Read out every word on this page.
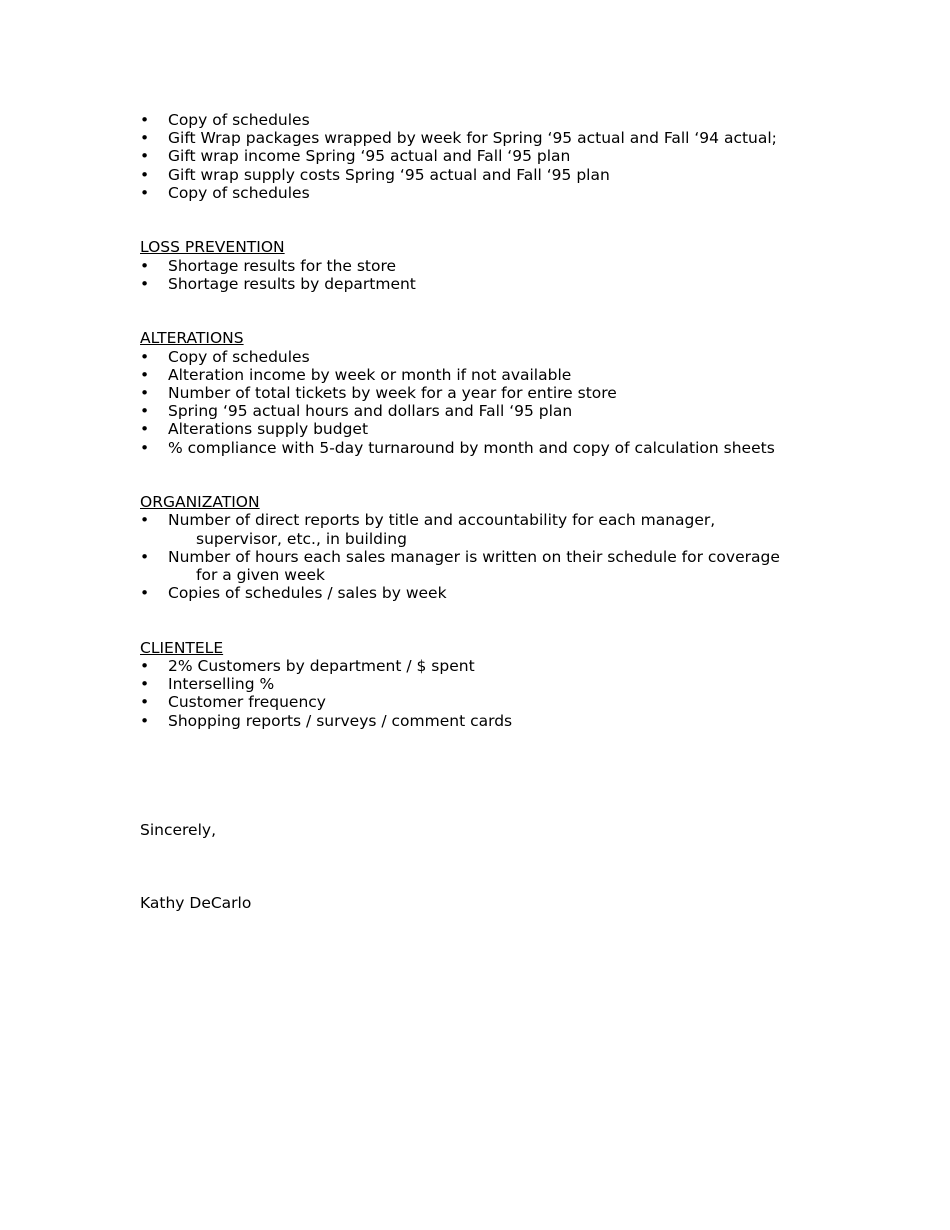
• Copy of schedules
• Gift Wrap packages wrapped by week for Spring ‘95 actual and Fall ‘94 actual;
• Gift wrap income Spring ‘95 actual and Fall ‘95 plan
• Gift wrap supply costs Spring ‘95 actual and Fall ‘95 plan
• Copy of schedules
LOSS PREVENTION
• Shortage results for the store
• Shortage results by department
ALTERATIONS
• Copy of schedules
• Alteration income by week or month if not available
• Number of total tickets by week for a year for entire store
• Spring ‘95 actual hours and dollars and Fall ‘95 plan
• Alterations supply budget
• % compliance with 5-day turnaround by month and copy of calculation sheets
ORGANIZATION
• Number of direct reports by title and accountability for each manager,
supervisor, etc., in building
• Number of hours each sales manager is written on their schedule for coverage
for a given week
• Copies of schedules / sales by week
CLIENTELE
• 2% Customers by department / $ spent
• Interselling %
• Customer frequency
• Shopping reports / surveys / comment cards
Sincerely,
Kathy DeCarlo
